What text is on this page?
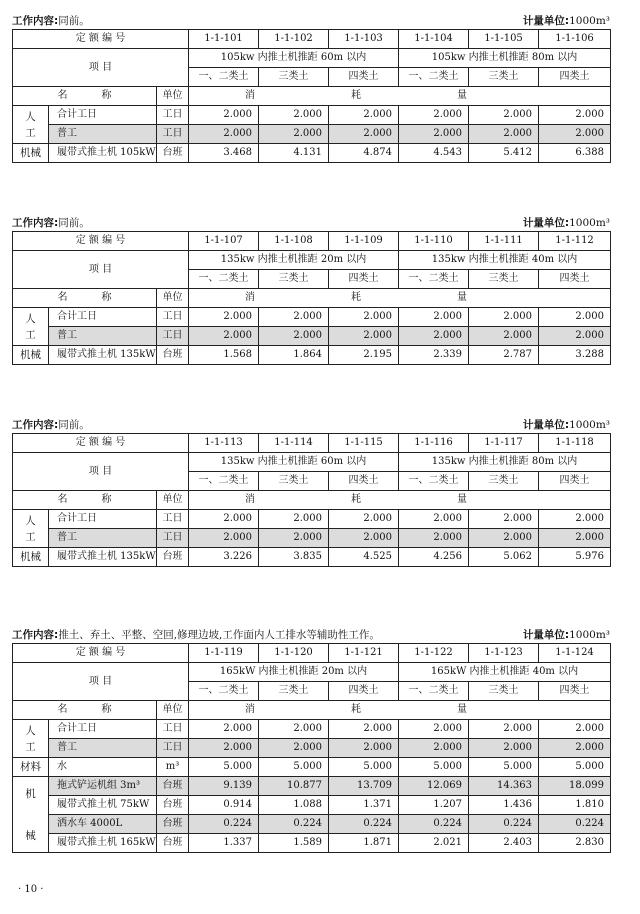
工作内容:同前。	计量单位:1000m³
定 额 编 号			1-1-101	1-1-102	1-1-103	1-1-104	1-1-105	1-1-106
项 目			105kw 内推土机推距 60m 以内			105kw 内推土机推距 80m 以内		
			一、二类土	三类土	四类土	一、二类土	三类土	四类土
名 称		单位	消 耗 量					

人
工	合计工日	工日	2.000	2.000	2.000	2.000	2.000	2.000
	普工	工日	2.000	2.000	2.000	2.000	2.000	2.000

机械	履带式推土机 105kW	台班	3.468	4.131	4.874	4.543	5.412	6.388
工作内容:同前。	计量单位:1000m³
定 额 编 号			1-1-107	1-1-108	1-1-109	1-1-110	1-1-111	1-1-112
项 目			135kw 内推土机推距 20m 以内			135kw 内推土机推距 40m 以内		
			一、二类土	三类土	四类土	一、二类土	三类土	四类土
名 称		单位	消 耗 量					

人
工	合计工日	工日	2.000	2.000	2.000	2.000	2.000	2.000
	普工	工日	2.000	2.000	2.000	2.000	2.000	2.000

机械	履带式推土机 135kW	台班	1.568	1.864	2.195	2.339	2.787	3.288
工作内容:同前。	计量单位:1000m³
定 额 编 号			1-1-113	1-1-114	1-1-115	1-1-116	1-1-117	1-1-118
项 目			135kw 内推土机推距 60m 以内			135kw 内推土机推距 80m 以内		
			一、二类土	三类土	四类土	一、二类土	三类土	四类土
名 称		单位	消 耗 量					

人
工	合计工日	工日	2.000	2.000	2.000	2.000	2.000	2.000
	普工	工日	2.000	2.000	2.000	2.000	2.000	2.000

机械	履带式推土机 135kW	台班	3.226	3.835	4.525	4.256	5.062	5.976
工作内容:推土、弃土、平整、空回,修理边坡,工作面内人工排水等辅助性工作。	计量单位:1000m³
定 额 编 号			1-1-119	1-1-120	1-1-121	1-1-122	1-1-123	1-1-124
项 目			165kW 内推土机推距 20m 以内			165kW 内推土机推距 40m 以内		
			一、二类土	三类土	四类土	一、二类土	三类土	四类土
名 称		单位	消 耗 量					

人
工	合计工日	工日	2.000	2.000	2.000	2.000	2.000	2.000
	普工	工日	2.000	2.000	2.000	2.000	2.000	2.000

材料	水	m³	5.000	5.000	5.000	5.000	5.000	5.000

机
械	拖式铲运机组 3m³	台班	9.139	10.877	13.709	12.069	14.363	18.099
	履带式推土机 75kW	台班	0.914	1.088	1.371	1.207	1.436	1.810
	洒水车 4000L	台班	0.224	0.224	0.224	0.224	0.224	0.224
	履带式推土机 165kW	台班	1.337	1.589	1.871	2.021	2.403	2.830
· 10 ·
